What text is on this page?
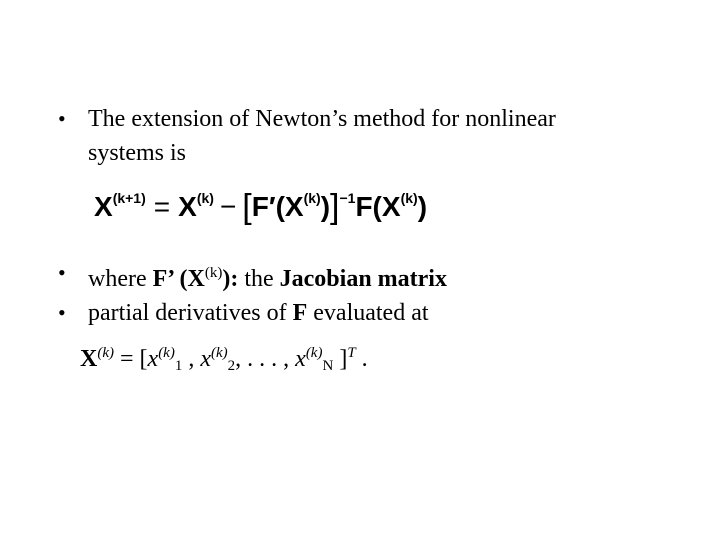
• The extension of Newton’s method for nonlinear
systems is
$X^{(k+1)} = X^{(k)} - [F'(X^{(k)})]^{-1}F(X^{(k)})$
• where F’ $(X^{(k)})$: the Jacobian matrix
• partial derivatives of F evaluated at
$X^{(k)} = [x^{(k)}_1$ , $x^{(k)}_2$, . . . , $x^{(k)}_N$ ]$^T$ .
